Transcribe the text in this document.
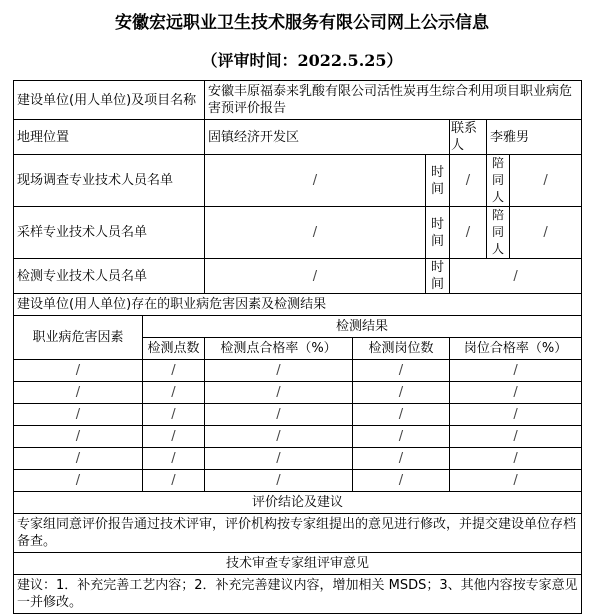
安徽宏远职业卫生技术服务有限公司网上公示信息
（评审时间：2022.5.25）
建设单位(用人单位)及项目名称		安徽丰原福泰来乳酸有限公司活性炭再生综合利用项目职业病危害预评价报告					
地理位置		固镇经济开发区			联系人	李雅男	
现场调查专业技术人员名单		/		时间	/	陪同人	/
采样专业技术人员名单		/		时间	/	陪同人	/
检测专业技术人员名单		/		时间	/		
建设单位(用人单位)存在的职业病危害因素及检测结果							
职业病危害因素	检测结果						
	检测点数	检测点合格率（%）	检测岗位数		岗位合格率（%）		
/	/	/	/		/		
/	/	/	/		/		
/	/	/	/		/		
/	/	/	/		/		
/	/	/	/		/		
/	/	/	/		/		
评价结论及建议							
专家组同意评价报告通过技术评审，评价机构按专家组提出的意见进行修改，并提交建设单位存档备查。							
技术审查专家组评审意见							
建议：1．补充完善工艺内容；2．补充完善建议内容，增加相关 MSDS；3、其他内容按专家意见一并修改。							
